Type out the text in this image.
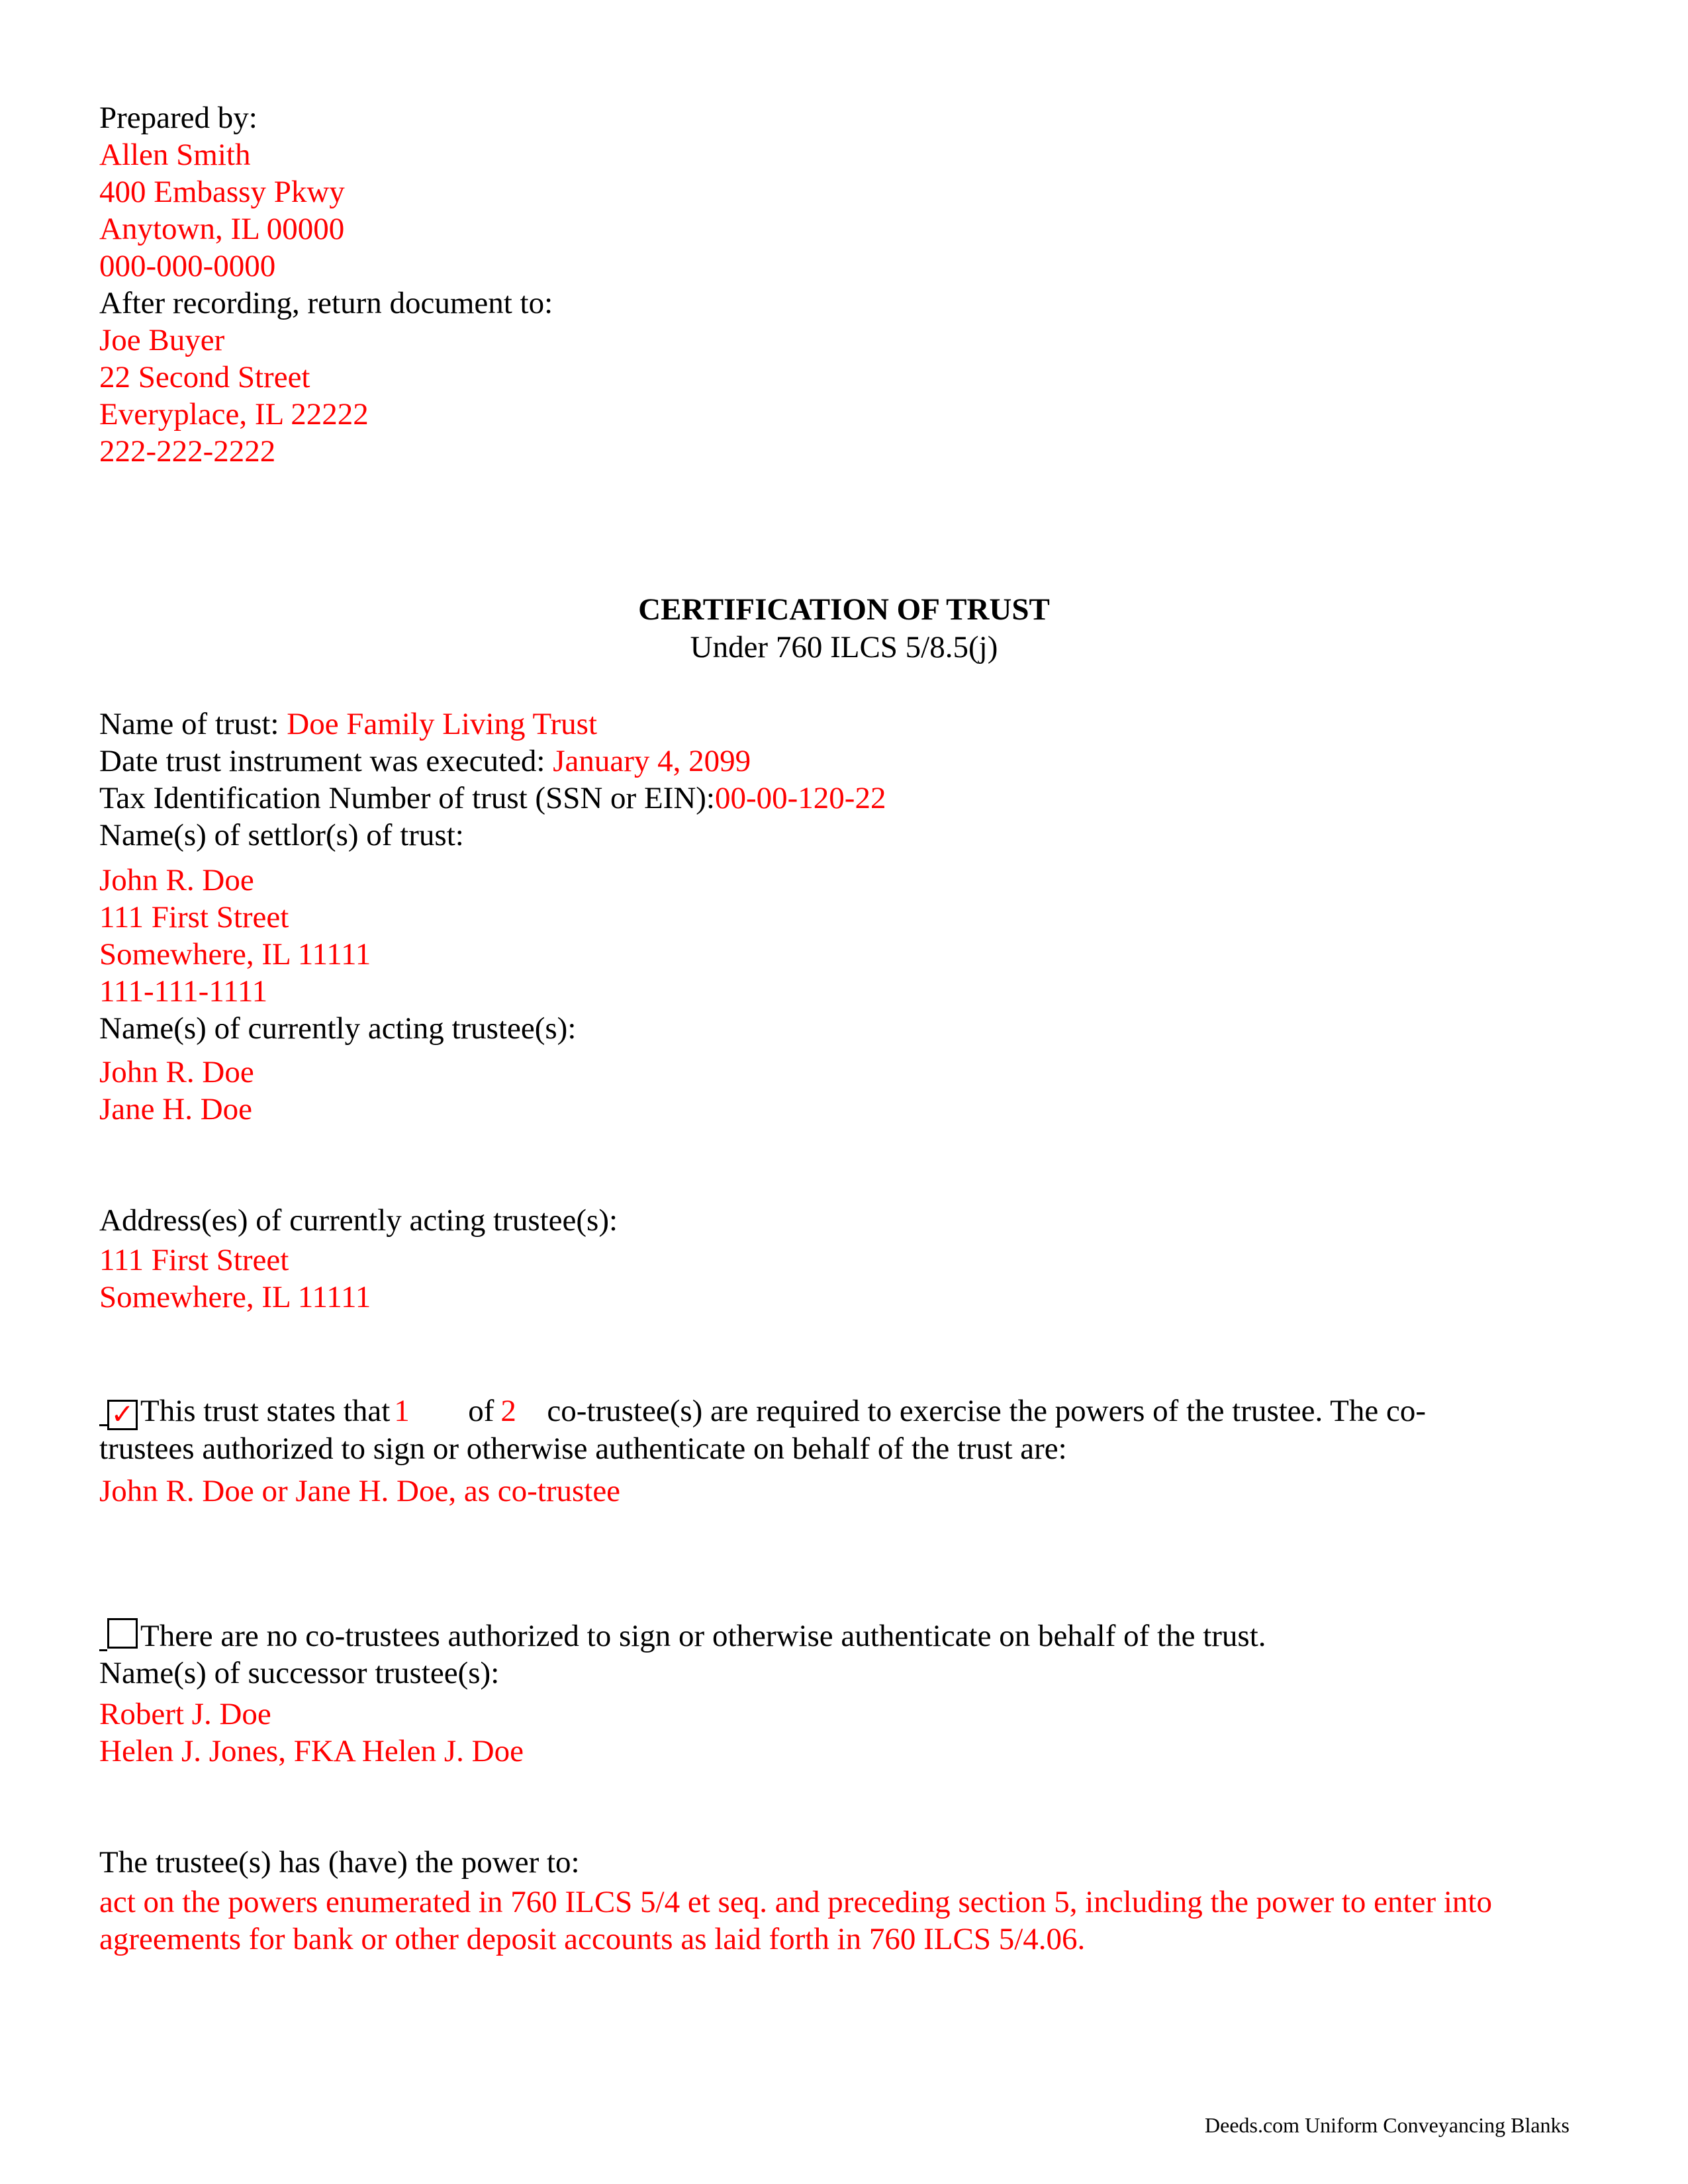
Prepared by:
Allen Smith
400 Embassy Pkwy
Anytown, IL 00000
000-000-0000
After recording, return document to:
Joe Buyer
22 Second Street
Everyplace, IL 22222
222-222-2222
CERTIFICATION OF TRUST
Under 760 ILCS 5/8.5(j)
Name of trust: Doe Family Living Trust
Date trust instrument was executed: January 4, 2099
Tax Identification Number of trust (SSN or EIN):00-00-120-22
Name(s) of settlor(s) of trust:
John R. Doe
111 First Street
Somewhere, IL 11111
111-111-1111
Name(s) of currently acting trustee(s):
John R. Doe
Jane H. Doe
Address(es) of currently acting trustee(s):
111 First Street
Somewhere, IL 11111
✓ This trust states that 1 of 2 co-trustee(s) are required to exercise the powers of the trustee. The co-
trustees authorized to sign or otherwise authenticate on behalf of the trust are:
John R. Doe or Jane H. Doe, as co-trustee
There are no co-trustees authorized to sign or otherwise authenticate on behalf of the trust.
Name(s) of successor trustee(s):
Robert J. Doe
Helen J. Jones, FKA Helen J. Doe
The trustee(s) has (have) the power to:
act on the powers enumerated in 760 ILCS 5/4 et seq. and preceding section 5, including the power to enter into agreements for bank or other deposit accounts as laid forth in 760 ILCS 5/4.06.
Deeds.com Uniform Conveyancing Blanks
